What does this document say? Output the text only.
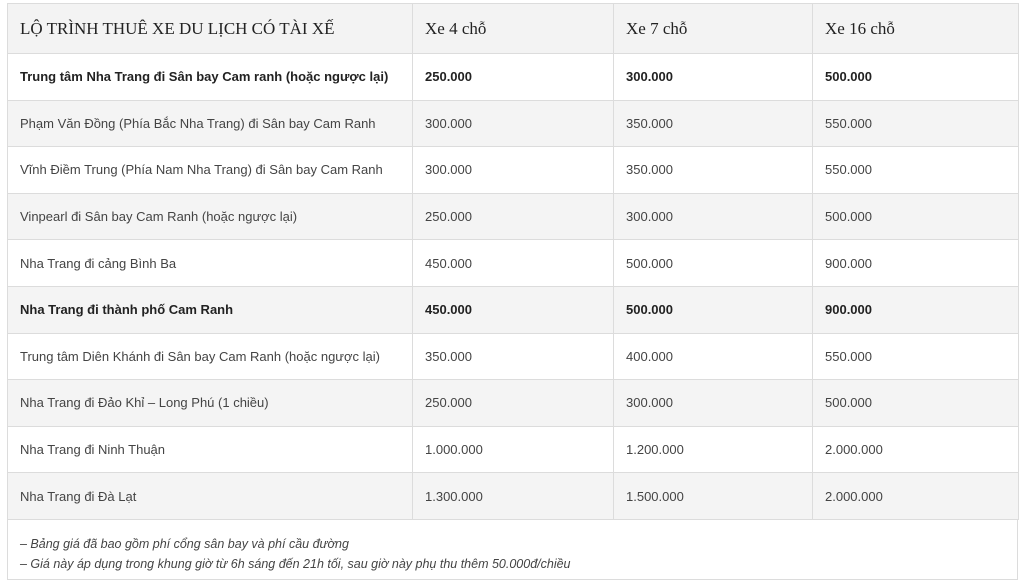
LỘ TRÌNH THUÊ XE DU LỊCH CÓ TÀI XẾ	Xe 4 chỗ	Xe 7 chỗ	Xe 16 chỗ
Trung tâm Nha Trang đi Sân bay Cam ranh (hoặc ngược lại)	250.000	300.000	500.000
Phạm Văn Đồng (Phía Bắc Nha Trang) đi Sân bay Cam Ranh	300.000	350.000	550.000
Vĩnh Điềm Trung (Phía Nam Nha Trang) đi Sân bay Cam Ranh	300.000	350.000	550.000
Vinpearl đi Sân bay Cam Ranh (hoặc ngược lại)	250.000	300.000	500.000
Nha Trang đi cảng Bình Ba	450.000	500.000	900.000
Nha Trang đi thành phố Cam Ranh	450.000	500.000	900.000
Trung tâm Diên Khánh đi Sân bay Cam Ranh (hoặc ngược lại)	350.000	400.000	550.000
Nha Trang đi Đảo Khỉ – Long Phú (1 chiều)	250.000	300.000	500.000
Nha Trang đi Ninh Thuận	1.000.000	1.200.000	2.000.000
Nha Trang đi Đà Lạt	1.300.000	1.500.000	2.000.000
– Bảng giá đã bao gồm phí cổng sân bay và phí cầu đường
– Giá này áp dụng trong khung giờ từ 6h sáng đến 21h tối, sau giờ này phụ thu thêm 50.000đ/chiều
